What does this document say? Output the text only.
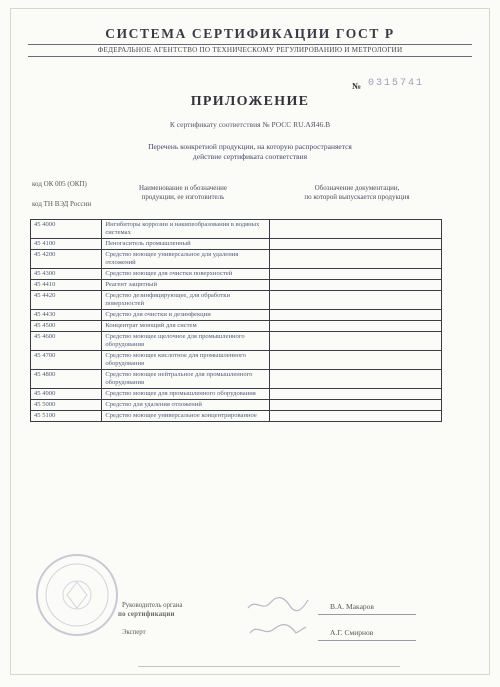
СИСТЕМА СЕРТИФИКАЦИИ ГОСТ Р
ФЕДЕРАЛЬНОЕ АГЕНТСТВО ПО ТЕХНИЧЕСКОМУ РЕГУЛИРОВАНИЮ И МЕТРОЛОГИИ
№ 0315741
ПРИЛОЖЕНИЕ
К сертификату соответствия № РОСС RU.АЯ46.В
Перечень конкретной продукции, на которую распространяется
действие сертификата соответствия
код ОК 005 (ОКП)
код ТН ВЭД России
Наименование и обозначение
продукции, ее изготовитель
Обозначение документации,
по которой выпускается продукция
45 4000	Ингибиторы коррозии и накипеобразования в водяных системах	
45 4100	Пеногаситель промышленный	
45 4200	Средство моющее универсальное для удаления отложений	
45 4300	Средство моющее для очистки поверхностей	
45 4410	Реагент защитный	
45 4420	Средство дезинфицирующее, для обработки поверхностей	
45 4430	Средство для очистки и дезинфекции	
45 4500	Концентрат моющий для систем	
45 4600	Средство моющее щелочное для промышленного оборудования	
45 4700	Средство моющее кислотное для промышленного оборудования	
45 4800	Средство моющее нейтральное для промышленного оборудования	
45 4900	Средство моющее для промышленного оборудования	
45 5000	Средство для удаления отложений	
45 5100	Средство моющее универсальное концентрированное	
Руководитель органа
по сертификации
Эксперт
В.А. Макаров
А.Г. Смирнов
